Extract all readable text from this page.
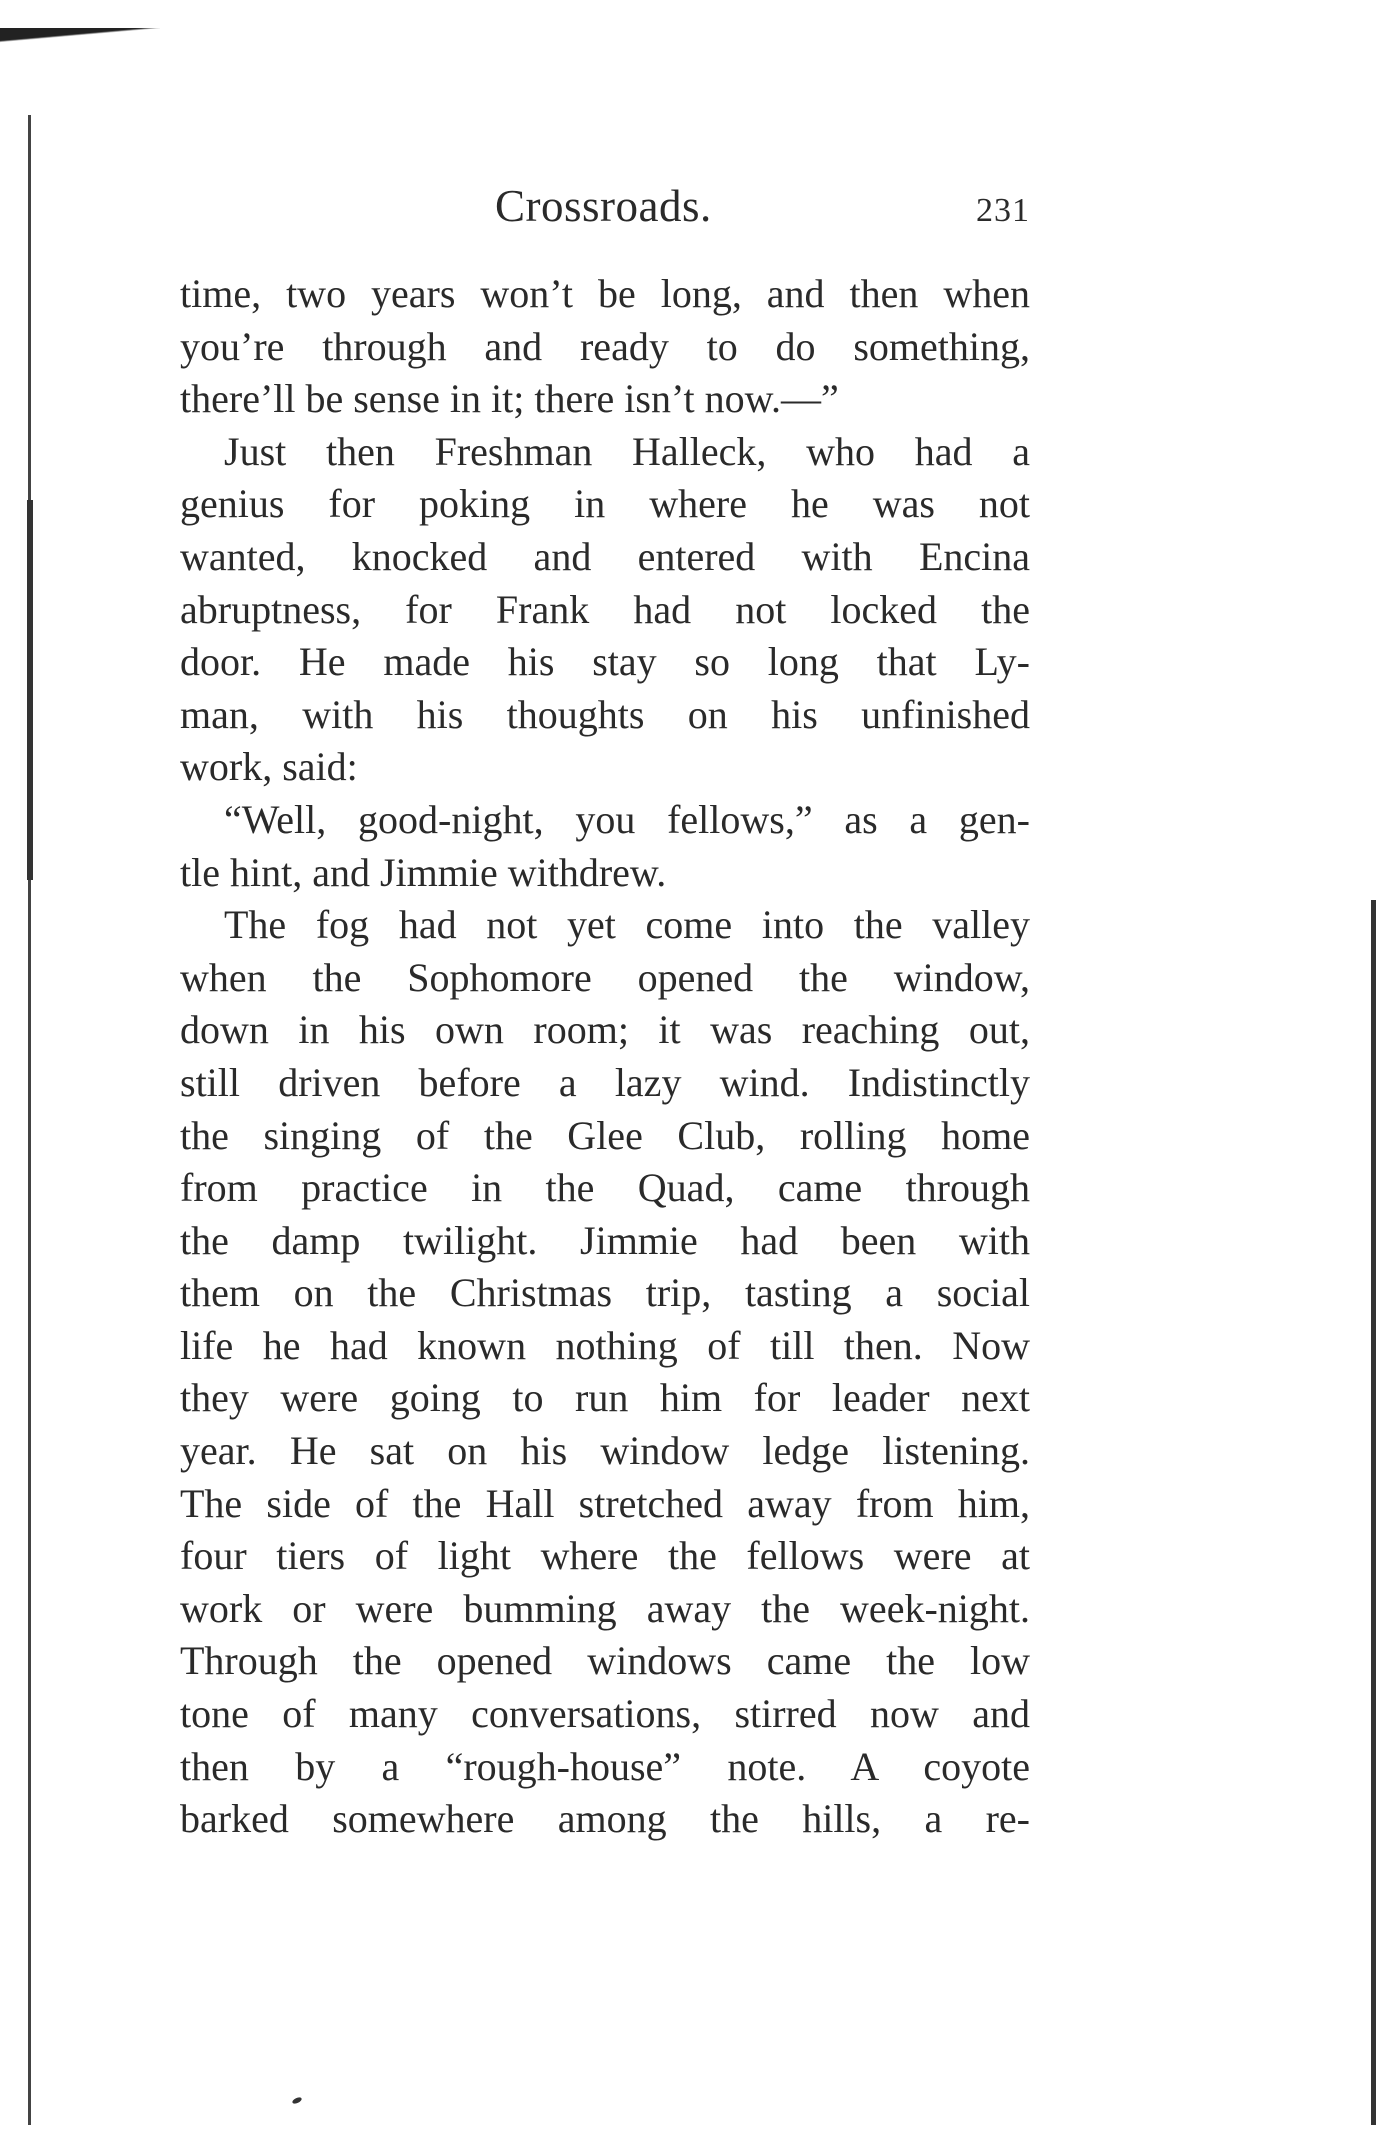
Crossroads.	231
time, two years won’t be long, and then when
you’re through and ready to do something,
there’ll be sense in it; there isn’t now.—”
Just then Freshman Halleck, who had a
genius for poking in where he was not
wanted, knocked and entered with Encina
abruptness, for Frank had not locked the
door. He made his stay so long that Ly-
man, with his thoughts on his unfinished
work, said:
“Well, good-night, you fellows,” as a gen-
tle hint, and Jimmie withdrew.
The fog had not yet come into the valley
when the Sophomore opened the window,
down in his own room; it was reaching out,
still driven before a lazy wind. Indistinctly
the singing of the Glee Club, rolling home
from practice in the Quad, came through
the damp twilight. Jimmie had been with
them on the Christmas trip, tasting a social
life he had known nothing of till then. Now
they were going to run him for leader next
year. He sat on his window ledge listening.
The side of the Hall stretched away from him,
four tiers of light where the fellows were at
work or were bumming away the week-night.
Through the opened windows came the low
tone of many conversations, stirred now and
then by a “rough-house” note. A coyote
barked somewhere among the hills, a re-
